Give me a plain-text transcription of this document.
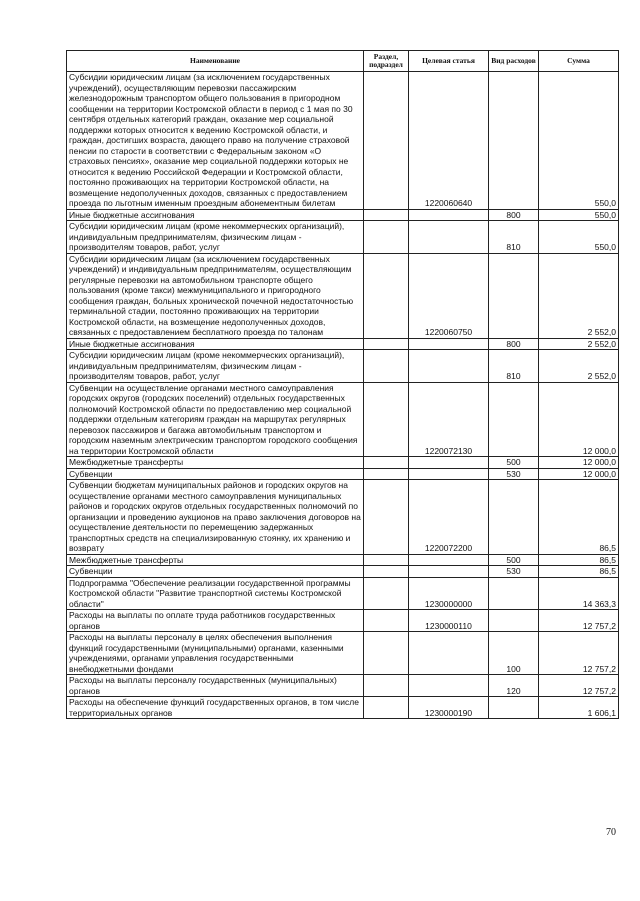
Наименование	Раздел, подраздел	Целевая статья	Вид расходов	Сумма
Субсидии юридическим лицам (за исключением государственных учреждений), осуществляющим перевозки пассажирским железнодорожным транспортом общего пользования в пригородном сообщении на территории Костромской области в период с 1 мая по 30 сентября отдельных категорий граждан, оказание мер социальной поддержки которых относится к ведению Костромской области, и граждан, достигших возраста, дающего право на получение страховой пенсии по старости в соответствии с Федеральным законом «О страховых пенсиях», оказание мер социальной поддержки которых не относится к ведению Российской Федерации и Костромской области, постоянно проживающих на территории Костромской области, на возмещение недополученных доходов, связанных с предоставлением проезда по льготным именным проездным абонементным билетам		1220060640		550,0
Иные бюджетные ассигнования			800	550,0
Субсидии юридическим лицам (кроме некоммерческих организаций), индивидуальным предпринимателям, физическим лицам - производителям товаров, работ, услуг			810	550,0
Субсидии юридическим лицам (за исключением государственных учреждений) и индивидуальным предпринимателям, осуществляющим регулярные перевозки на автомобильном транспорте общего пользования (кроме такси) межмуниципального и пригородного сообщения граждан, больных хронической почечной недостаточностью терминальной стадии, постоянно проживающих на территории Костромской области, на возмещение недополученных доходов, связанных с предоставлением бесплатного проезда по талонам		1220060750		2 552,0
Иные бюджетные ассигнования			800	2 552,0
Субсидии юридическим лицам (кроме некоммерческих организаций), индивидуальным предпринимателям, физическим лицам - производителям товаров, работ, услуг			810	2 552,0
Субвенции на осуществление органами местного самоуправления городских округов (городских поселений) отдельных государственных полномочий Костромской области по предоставлению мер социальной поддержки отдельным категориям граждан на маршрутах регулярных перевозок пассажиров и багажа автомобильным транспортом и городским наземным электрическим транспортом городского сообщения на территории Костромской области		1220072130		12 000,0
Межбюджетные трансферты			500	12 000,0
Субвенции			530	12 000,0
Субвенции бюджетам муниципальных районов и городских округов на осуществление органами местного самоуправления муниципальных районов и городских округов отдельных государственных полномочий по организации и проведению аукционов на право заключения договоров на осуществление деятельности по перемещению задержанных транспортных средств на специализированную стоянку, их хранению и возврату		1220072200		86,5
Межбюджетные трансферты			500	86,5
Субвенции			530	86,5
Подпрограмма "Обеспечение реализации государственной программы Костромской области "Развитие транспортной системы Костромской области"		1230000000		14 363,3
Расходы на выплаты по оплате труда работников государственных органов		1230000110		12 757,2
Расходы на выплаты персоналу в целях обеспечения выполнения функций государственными (муниципальными) органами, казенными учреждениями, органами управления государственными внебюджетными фондами			100	12 757,2
Расходы на выплаты персоналу государственных (муниципальных) органов			120	12 757,2
Расходы на обеспечение функций государственных органов, в том числе территориальных органов		1230000190		1 606,1
70
